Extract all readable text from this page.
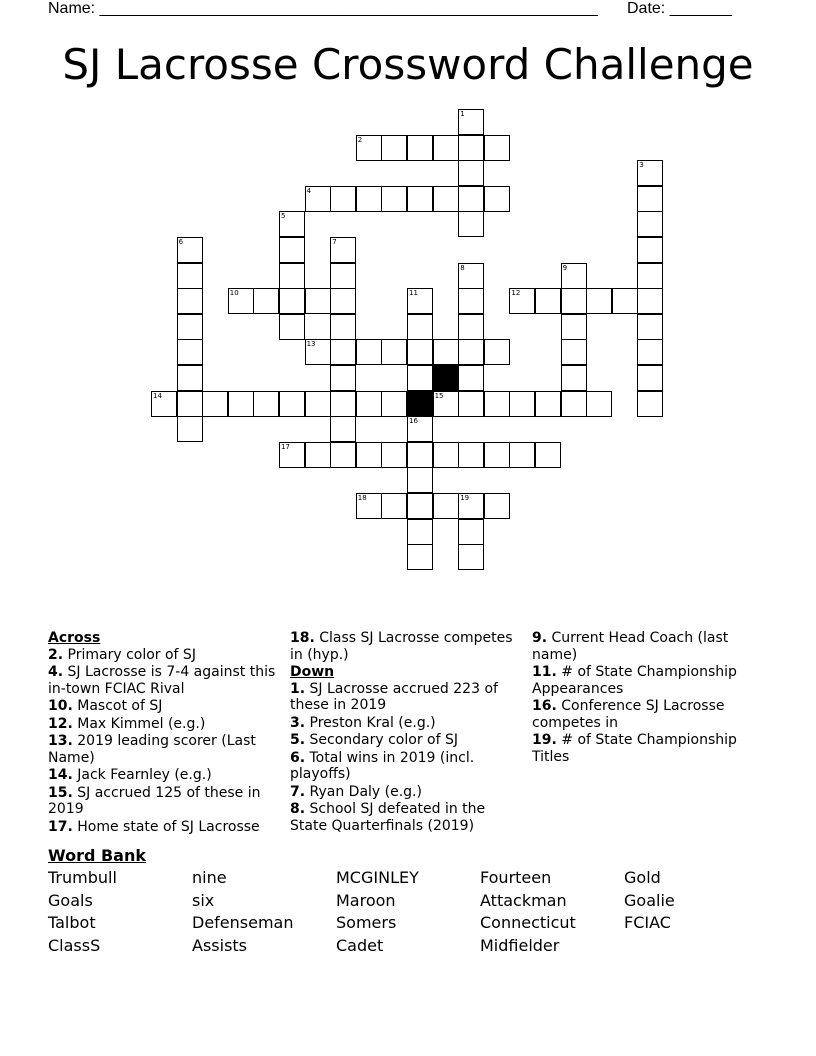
Name: ________________________________________________________ Date: _______
SJ Lacrosse Crossword Challenge
2
4
10	12
13
14	15
17
18	19
1
3
5
6	7
8	9
11
16
Across
2. Primary color of SJ
4. SJ Lacrosse is 7-4 against this in-town FCIAC Rival
10. Mascot of SJ
12. Max Kimmel (e.g.)
13. 2019 leading scorer (Last Name)
14. Jack Fearnley (e.g.)
15. SJ accrued 125 of these in 2019
17. Home state of SJ Lacrosse
18. Class SJ Lacrosse competes in (hyp.)
Down
1. SJ Lacrosse accrued 223 of these in 2019
3. Preston Kral (e.g.)
5. Secondary color of SJ
6. Total wins in 2019 (incl. playoffs)
7. Ryan Daly (e.g.)
8. School SJ defeated in the State Quarterfinals (2019)
9. Current Head Coach (last name)
11. # of State Championship Appearances
16. Conference SJ Lacrosse competes in
19. # of State Championship Titles
Word Bank
Trumbull	nine	MCGINLEY	Fourteen	Gold
Goals	six	Maroon	Attackman	Goalie
Talbot	Defenseman	Somers	Connecticut	FCIAC
ClassS	Assists	Cadet	Midfielder
